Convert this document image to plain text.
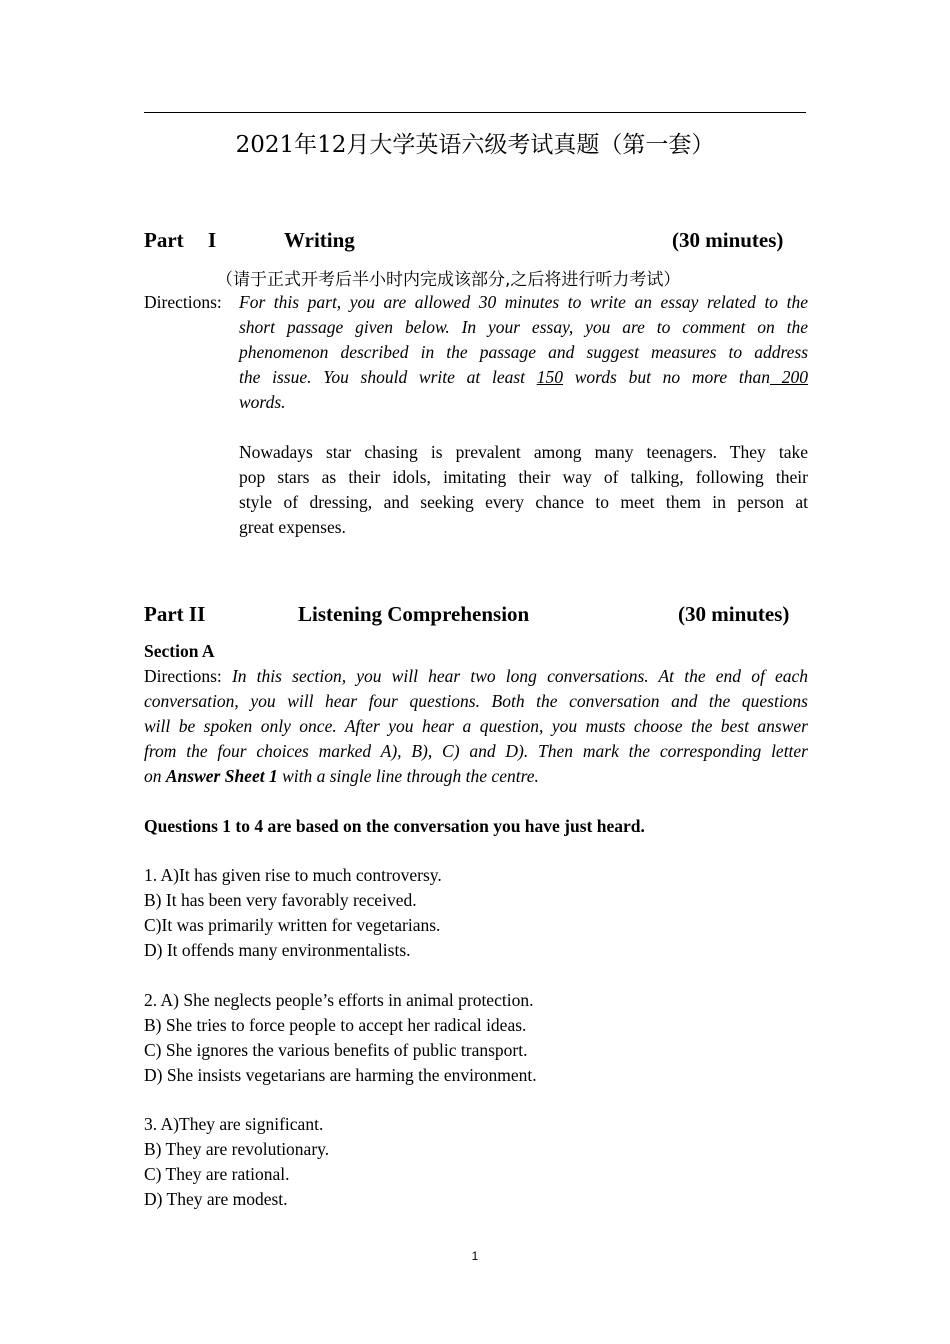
2021年12月大学英语六级考试真题（第一套）
Part I	Writing	(30 minutes)
（请于正式开考后半小时内完成该部分,之后将进行听力考试）
Directions: For this part, you are allowed 30 minutes to write an essay related to the
short passage given below. In your essay, you are to comment on the
phenomenon described in the passage and suggest measures to address
the issue. You should write at least 150 words but no more than 200
words.
Nowadays star chasing is prevalent among many teenagers. They take
pop stars as their idols, imitating their way of talking, following their
style of dressing, and seeking every chance to meet them in person at
great expenses.
Part II	Listening Comprehension	(30 minutes)
Section A
Directions: In this section, you will hear two long conversations. At the end of each
conversation, you will hear four questions. Both the conversation and the questions
will be spoken only once. After you hear a question, you musts choose the best answer
from the four choices marked A), B), C) and D). Then mark the corresponding letter
on Answer Sheet 1 with a single line through the centre.
Questions 1 to 4 are based on the conversation you have just heard.
1. A)It has given rise to much controversy.
B) It has been very favorably received.
C)It was primarily written for vegetarians.
D) It offends many environmentalists.
2. A) She neglects people’s efforts in animal protection.
B) She tries to force people to accept her radical ideas.
C) She ignores the various benefits of public transport.
D) She insists vegetarians are harming the environment.
3. A)They are significant.
B) They are revolutionary.
C) They are rational.
D) They are modest.
1
